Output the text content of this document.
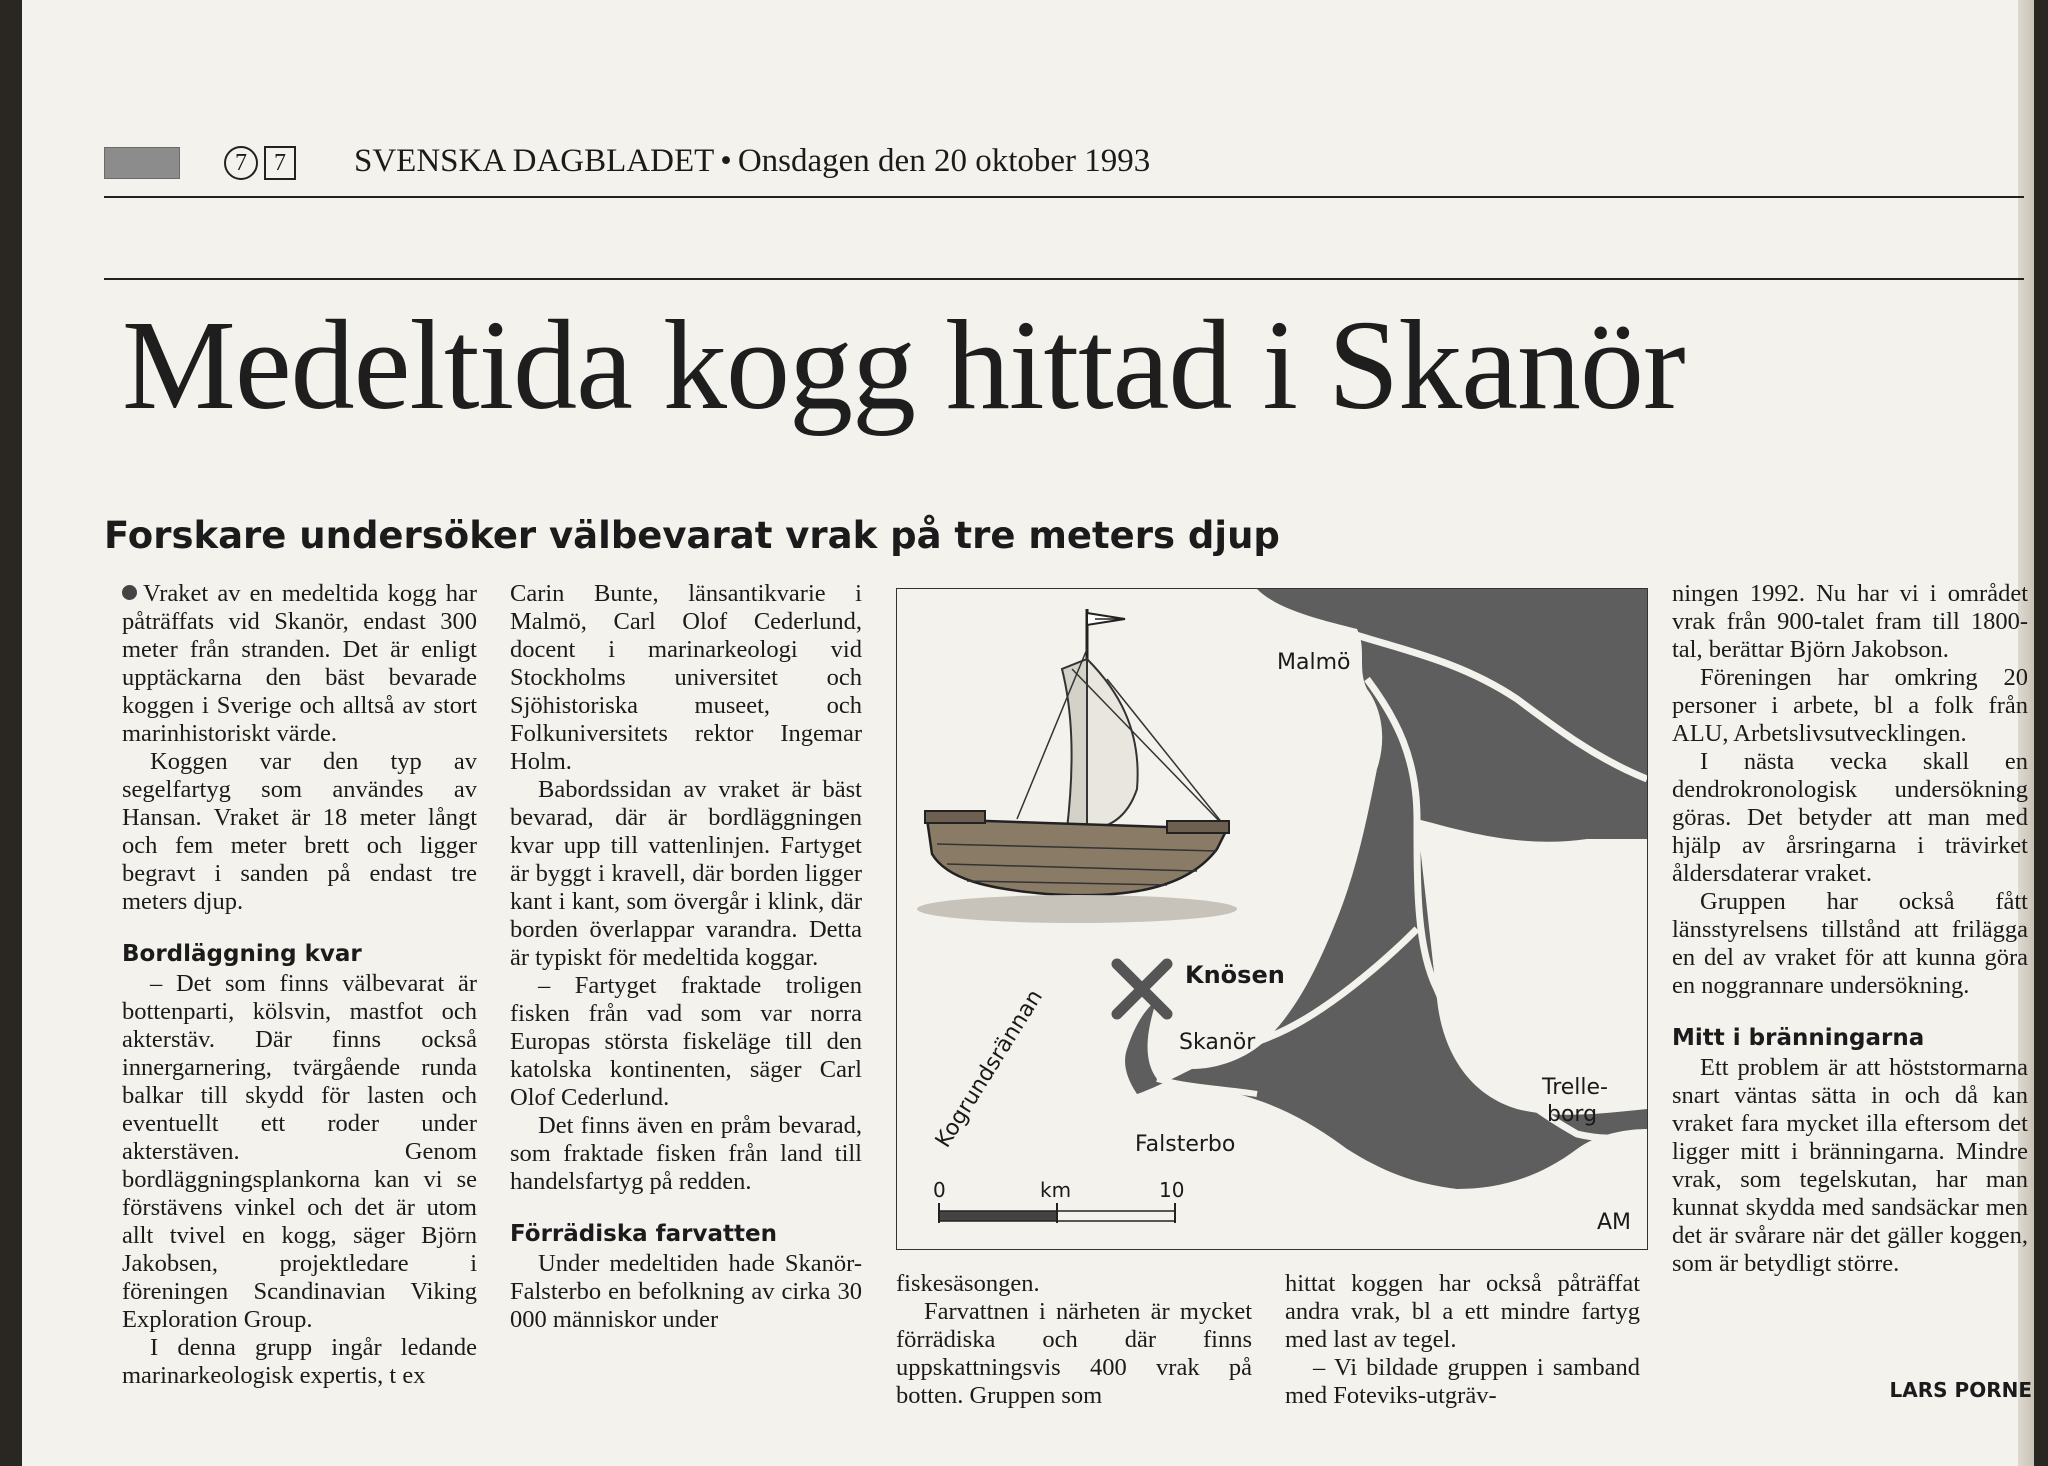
7	7	SVENSKA DAGBLADET • Onsdagen den 20 oktober 1993
Medeltida kogg hittad i Skanör
Forskare undersöker välbevarat vrak på tre meters djup

Vraket av en medeltida kogg har påträffats vid Skanör, endast 300 meter från stranden. Det är enligt upptäckarna den bäst bevarade koggen i Sverige och alltså av stort marinhistoriskt värde.

Koggen var den typ av segelfartyg som användes av Hansan. Vraket är 18 meter långt och fem meter brett och ligger begravt i sanden på endast tre meters djup.

Bordläggning kvar

– Det som finns välbevarat är bottenparti, kölsvin, mastfot och akterstäv. Där finns också innergarnering, tvärgående runda balkar till skydd för lasten och eventuellt ett roder under akterstäven. Genom bordläggningsplankorna kan vi se förstävens vinkel och det är utom allt tvivel en kogg, säger Björn Jakobsen, projektledare i föreningen Scandinavian Viking Exploration Group.

I denna grupp ingår ledande marinarkeologisk expertis, t ex

Carin Bunte, länsantikvarie i Malmö, Carl Olof Cederlund, docent i marinarkeologi vid Stockholms universitet och Sjöhistoriska museet, och Folkuniversitets rektor Ingemar Holm.

Babordssidan av vraket är bäst bevarad, där är bordläggningen kvar upp till vattenlinjen. Fartyget är byggt i kravell, där borden ligger kant i kant, som övergår i klink, där borden överlappar varandra. Detta är typiskt för medeltida koggar.

– Fartyget fraktade troligen fisken från vad som var norra Europas största fiskeläge till den katolska kontinenten, säger Carl Olof Cederlund.

Det finns även en pråm bevarad, som fraktade fisken från land till handelsfartyg på redden.

Förrädiska farvatten

Under medeltiden hade Skanör-Falsterbo en befolkning av cirka 30 000 människor under

Malmö
Knösen
Skanör
Trelle-
borg
Falsterbo
Kogrundsrännan
0	km	10
AM

fiskesäsongen.

Farvattnen i närheten är mycket förrädiska och där finns uppskattningsvis 400 vrak på botten. Gruppen som

hittat koggen har också påträffat andra vrak, bl a ett mindre fartyg med last av tegel.

– Vi bildade gruppen i samband med Foteviks-utgräv-

ningen 1992. Nu har vi i området vrak från 900-talet fram till 1800-tal, berättar Björn Jakobson.

Föreningen har omkring 20 personer i arbete, bl a folk från ALU, Arbetslivsutvecklingen.

I nästa vecka skall en dendrokronologisk undersökning göras. Det betyder att man med hjälp av årsringarna i trävirket åldersdaterar vraket.

Gruppen har också fått länsstyrelsens tillstånd att frilägga en del av vraket för att kunna göra en noggrannare undersökning.

Mitt i bränningarna

Ett problem är att höststormarna snart väntas sätta in och då kan vraket fara mycket illa eftersom det ligger mitt i bränningarna. Mindre vrak, som tegelskutan, har man kunnat skydda med sandsäckar men det är svårare när det gäller koggen, som är betydligt större.

LARS PORNE
